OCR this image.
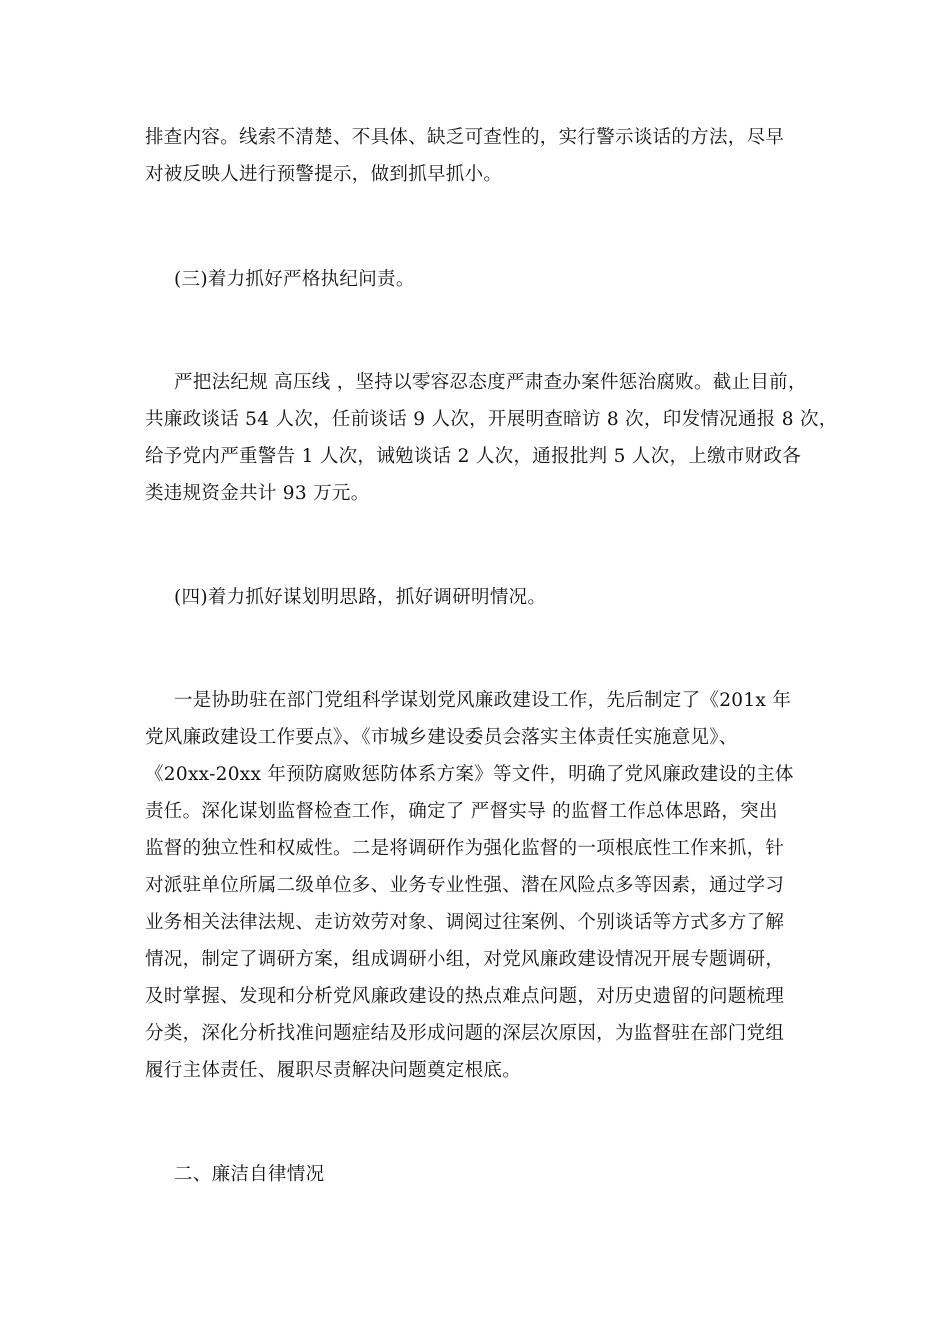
排查内容。线索不清楚、不具体、缺乏可查性的，实行警示谈话的方法，尽早
对被反映人进行预警提示，做到抓早抓小。
(三)着力抓好严格执纪问责。
严把法纪规 高压线 ，坚持以零容忍态度严肃查办案件惩治腐败。截止目前，
共廉政谈话 54 人次，任前谈话 9 人次，开展明查暗访 8 次，印发情况通报 8 次，
给予党内严重警告 1 人次，诫勉谈话 2 人次，通报批判 5 人次，上缴市财政各
类违规资金共计 93 万元。
(四)着力抓好谋划明思路，抓好调研明情况。
一是协助驻在部门党组科学谋划党风廉政建设工作，先后制定了《201x 年
党风廉政建设工作要点》、《市城乡建设委员会落实主体责任实施意见》、
《20xx-20xx 年预防腐败惩防体系方案》等文件，明确了党风廉政建设的主体
责任。深化谋划监督检查工作，确定了 严督实导 的监督工作总体思路，突出
监督的独立性和权威性。二是将调研作为强化监督的一项根底性工作来抓，针
对派驻单位所属二级单位多、业务专业性强、潜在风险点多等因素，通过学习
业务相关法律法规、走访效劳对象、调阅过往案例、个别谈话等方式多方了解
情况，制定了调研方案，组成调研小组，对党风廉政建设情况开展专题调研，
及时掌握、发现和分析党风廉政建设的热点难点问题，对历史遗留的问题梳理
分类，深化分析找准问题症结及形成问题的深层次原因，为监督驻在部门党组
履行主体责任、履职尽责解决问题奠定根底。
二、廉洁自律情况
